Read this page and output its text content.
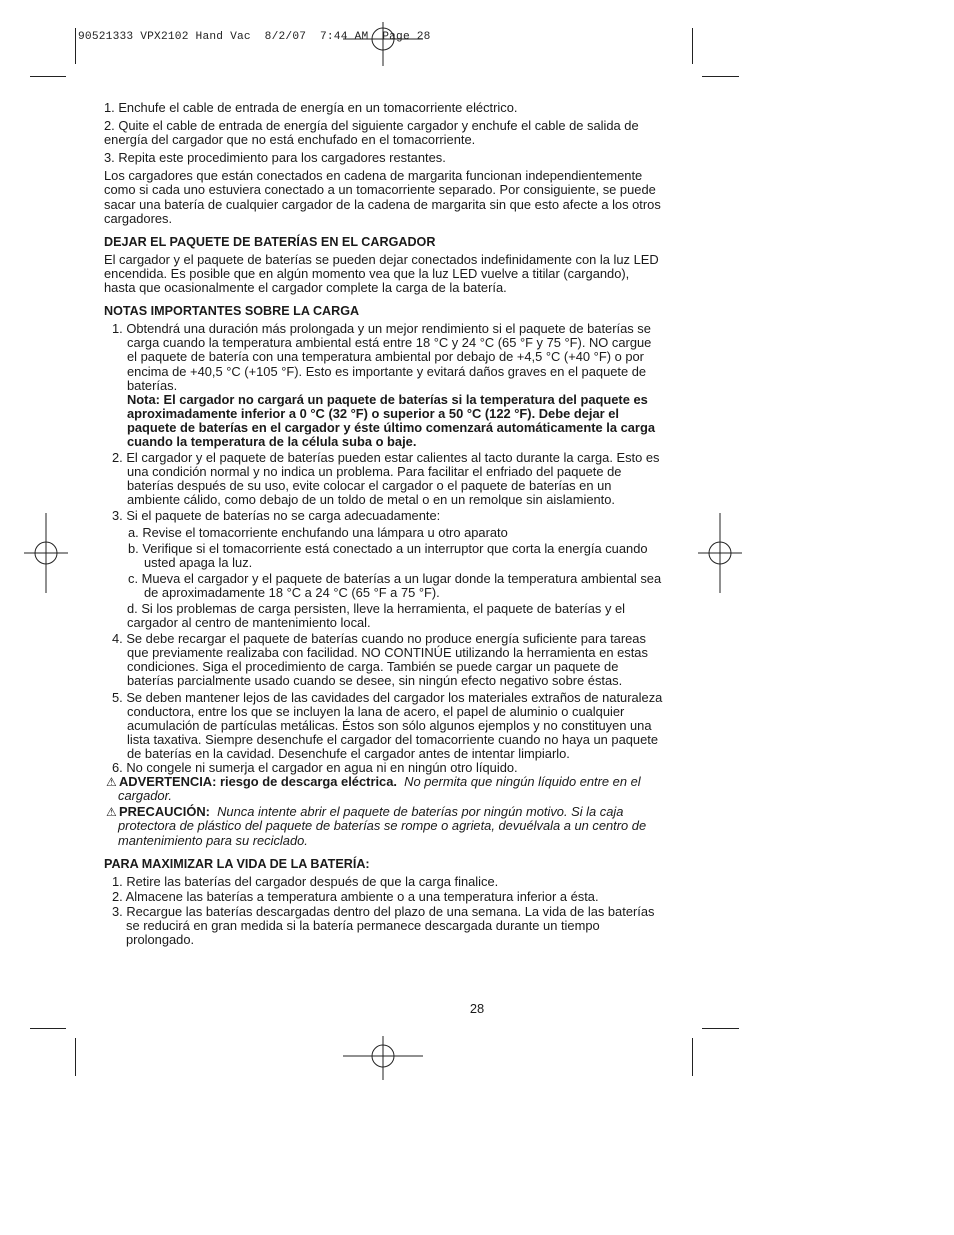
90521333 VPX2102 Hand Vac  8/2/07  7:44 AM  Page 28

1. Enchufe el cable de entrada de energía en un tomacorriente eléctrico.

2. Quite el cable de entrada de energía del siguiente cargador y enchufe el cable de salida de energía del cargador que no está enchufado en el tomacorriente.

3. Repita este procedimiento para los cargadores restantes.

Los cargadores que están conectados en cadena de margarita funcionan independientemente como si cada uno estuviera conectado a un tomacorriente separado. Por consiguiente, se puede sacar una batería de cualquier cargador de la cadena de margarita sin que esto afecte a los otros cargadores.

DEJAR EL PAQUETE DE BATERÍAS EN EL CARGADOR

El cargador y el paquete de baterías se pueden dejar conectados indefinidamente con la luz LED encendida. Es posible que en algún momento vea que la luz LED vuelve a titilar (cargando), hasta que ocasionalmente el cargador complete la carga de la batería.

NOTAS IMPORTANTES SOBRE LA CARGA

1. Obtendrá una duración más prolongada y un mejor rendimiento si el paquete de baterías se carga cuando la temperatura ambiental está entre 18 °C y 24 °C (65 °F y 75 °F). NO cargue el paquete de batería con una temperatura ambiental por debajo de +4,5 °C (+40 °F) o por encima de +40,5 °C (+105 °F). Esto es importante y evitará daños graves en el paquete de baterías.

Nota: El cargador no cargará un paquete de baterías si la temperatura del paquete es aproximadamente inferior a 0 °C (32 °F) o superior a 50 °C (122 °F). Debe dejar el paquete de baterías en el cargador y éste último comenzará automáticamente la carga cuando la temperatura de la célula suba o baje.

2. El cargador y el paquete de baterías pueden estar calientes al tacto durante la carga. Esto es una condición normal y no indica un problema. Para facilitar el enfriado del paquete de baterías después de su uso, evite colocar el cargador o el paquete de baterías en un ambiente cálido, como debajo de un toldo de metal o en un remolque sin aislamiento.

3. Si el paquete de baterías no se carga adecuadamente:

a. Revise el tomacorriente enchufando una lámpara u otro aparato

b. Verifique si el tomacorriente está conectado a un interruptor que corta la energía cuando usted apaga la luz.

c. Mueva el cargador y el paquete de baterías a un lugar donde la temperatura ambiental sea de aproximadamente 18 °C a 24 °C (65 °F a 75 °F).

d. Si los problemas de carga persisten, lleve la herramienta, el paquete de baterías y el cargador al centro de mantenimiento local.

4. Se debe recargar el paquete de baterías cuando no produce energía suficiente para tareas que previamente realizaba con facilidad. NO CONTINÚE utilizando la herramienta en estas condiciones. Siga el procedimiento de carga. También se puede cargar un paquete de baterías parcialmente usado cuando se desee, sin ningún efecto negativo sobre éstas.

5. Se deben mantener lejos de las cavidades del cargador los materiales extraños de naturaleza conductora, entre los que se incluyen la lana de acero, el papel de aluminio o cualquier acumulación de partículas metálicas. Éstos son sólo algunos ejemplos y no constituyen una lista taxativa. Siempre desenchufe el cargador del tomacorriente cuando no haya un paquete de baterías en la cavidad. Desenchufe el cargador antes de intentar limpiarlo.

6. No congele ni sumerja el cargador en agua ni en ningún otro líquido.

⚠ ADVERTENCIA: riesgo de descarga eléctrica. No permita que ningún líquido entre en el cargador.

⚠ PRECAUCIÓN: Nunca intente abrir el paquete de baterías por ningún motivo. Si la caja protectora de plástico del paquete de baterías se rompe o agrieta, devuélvala a un centro de mantenimiento para su reciclado.

PARA MAXIMIZAR LA VIDA DE LA BATERÍA:

1. Retire las baterías del cargador después de que la carga finalice.

2. Almacene las baterías a temperatura ambiente o a una temperatura inferior a ésta.

3. Recargue las baterías descargadas dentro del plazo de una semana. La vida de las baterías se reducirá en gran medida si la batería permanece descargada durante un tiempo prolongado.

28
